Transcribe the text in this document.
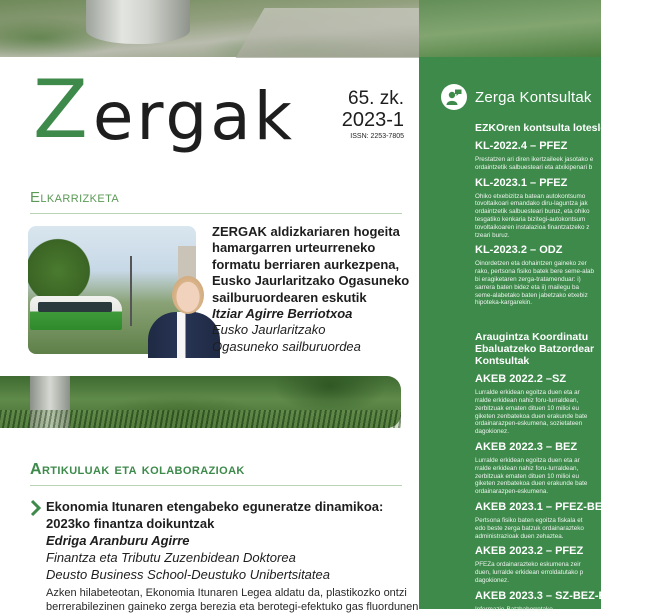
Zerga Kontsultak
EZKOren kontsulta lotesleak
KL-2022.4 – PFEZ
Prestatzen ari diren ikertzaileek jasotako e
ordaintzetik salbuesteari eta atxikipenari b
KL-2023.1 – PFEZ
Ohiko etxebizitza batean autokontsumo
tovoltaikoari emandako diru-laguntza jak
ordaintzetik salbuesteari buruz, eta ohiko
tesgatiko kenkaria bizitegi-autokontsum
tovoltaikoaren instalazioa finantzatzeko z
tzeari buruz.
KL-2023.2 – ODZ
Oinordetzen eta dohaintzen gaineko zer
rako, pertsona fisiko batek bere seme-alab
bi eragiketaren zerga-tratamenduar: i)
sarrera baten bidez eta ii) mailegu ba
seme-alabetako baten jabetzako etxebiz
hipoteka-kargarekin.
Araugintza Koordinatu
Ebaluatzeko Batzordear
Kontsultak
AKEB 2022.2 –SZ
Lurralde erkidean egoitza duen eta ar
rralde erkidean nahiz foru-lurraldean,
zerbitzuak ematen dituen 10 milioi eu
giketen zenbatekoa duen erakunde bate
ordainarazpen-eskumena, sozietateen
dagokionez.
AKEB 2022.3 – BEZ
Lurralde erkidean egoitza duen eta ar
rralde erkidean nahiz foru-lurraldean,
zerbitzuak ematen dituen 10 milioi eu
giketen zenbatekoa duen erakunde bate
ordainarazpen-eskumena.
AKEB 2023.1 – PFEZ-BEZ
Pertsona fisiko baten egoitza fiskala et
edo beste zerga batzuk ordainarazteko
administrazioak duen zehaztea.
AKEB 2023.2 – PFEZ
PFEZa ordainarazteko eskumena zeir
duen, lurralde erkidean erroldatutako p
dagokionez.
AKEB 2023.3 – SZ-BEZ-EJZ
Informazio-Batzbahorretako
Z ergak	65. zk.
2023-1
ISSN: 2253-7805
Elkarrizketa
ZERGAK aldizkariaren hogeita
hamargarren urteurreneko
formatu berriaren aurkezpena,
Eusko Jaurlaritzako Ogasuneko
sailburuordearen eskutik
Itziar Agirre Berriotxoa
Eusko Jaurlaritzako
Ogasuneko sailburuordea
Artikuluak eta kolaborazioak
Ekonomia Itunaren etengabeko eguneratze dinamikoa:
2023ko finantza doikuntzak
Edriga Aranburu Agirre
Finantza eta Tributu Zuzenbidean Doktorea
Deusto Business School-Deustuko Unibertsitatea
Azken hilabeteotan, Ekonomia Itunaren Legea aldatu da, plastikozko ontzi
berrerabilezinen gaineko zerga berezia eta berotegi-efektuko gas fluordunen
